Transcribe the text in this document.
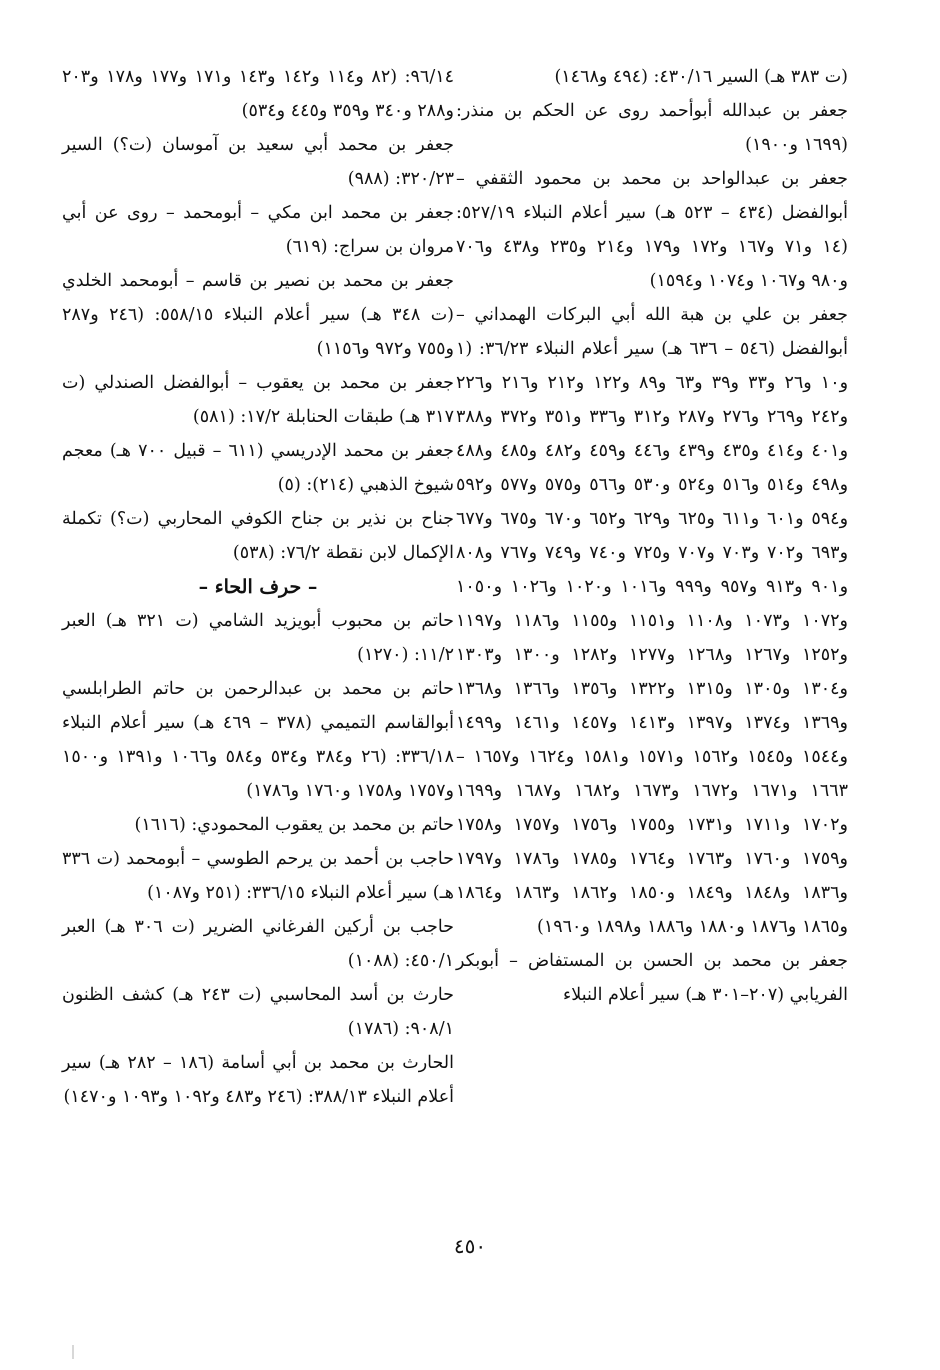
(ت ٣٨٣ هـ) السير ٤٣٠/١٦: (٤٩٤ و١٤٦٨)

جعفر بن عبدالله أبوأحمد روى عن الحكم بن منذر: (١٦٩٩ و١٩٠٠)

جعفر بن عبدالواحد بن محمد بن محمود الثقفي – أبوالفضل (٤٣٤ – ٥٢٣ هـ) سير أعلام النبلاء ٥٢٧/١٩: (١٤ و٧١ و١٦٧ و١٧٢ و١٧٩ و٢١٤ و٢٣٥ و٤٣٨ و٧٠٦ و٩٨٠ و١٠٦٧ و١٠٧٤ و١٥٩٤)

جعفر بن علي بن هبة الله أبي البركات الهمداني – أبوالفضل (٥٤٦ – ٦٣٦ هـ) سير أعلام النبلاء ٣٦/٢٣: (١ و١٠ و٢٦ و٣٣ و٣٩ و٦٣ و٨٩ و١٢٢ و٢١٢ و٢١٦ و٢٢٦ و٢٤٢ و٢٦٩ و٢٧٦ و٢٨٧ و٣١٢ و٣٣٦ و٣٥١ و٣٧٢ و٣٨٨ و٤٠١ و٤١٤ و٤٣٥ و٤٣٩ و٤٤٦ و٤٥٩ و٤٨٢ و٤٨٥ و٤٨٨ و٤٩٨ و٥١٤ و٥١٦ و٥٢٤ و٥٣٠ و٥٦٦ و٥٧٥ و٥٧٧ و٥٩٢ و٥٩٤ و٦٠١ و٦١١ و٦٢٥ و٦٢٩ و٦٥٢ و٦٧٠ و٦٧٥ و٦٧٧ و٦٩٣ و٧٠٢ و٧٠٣ و٧٠٧ و٧٢٥ و٧٤٠ و٧٤٩ و٧٦٧ و٨٠٨ و٩٠١ و٩١٣ و٩٥٧ و٩٩٩ و١٠١٦ و١٠٢٠ و١٠٢٦ و١٠٥٠ و١٠٧٢ و١٠٧٣ و١١٠٨ و١١٥١ و١١٥٥ و١١٨٦ و١١٩٧ و١٢٥٢ و١٢٦٧ و١٢٦٨ و١٢٧٧ و١٢٨٢ و١٣٠٠ و١٣٠٣ و١٣٠٤ و١٣٠٥ و١٣١٥ و١٣٢٢ و١٣٥٦ و١٣٦٦ و١٣٦٨ و١٣٦٩ و١٣٧٤ و١٣٩٧ و١٤١٣ و١٤٥٧ و١٤٦١ و١٤٩٩ و١٥٤٤ و١٥٤٥ و١٥٦٢ و١٥٧١ و١٥٨١ و١٦٢٤ و١٦٥٧ – ١٦٦٣ و١٦٧١ و١٦٧٢ و١٦٧٣ و١٦٨٢ و١٦٨٧ و١٦٩٩ و١٧٠٢ و١٧١١ و١٧٣١ و١٧٥٥ و١٧٥٦ و١٧٥٧ و١٧٥٨ و١٧٥٩ و١٧٦٠ و١٧٦٣ و١٧٦٤ و١٧٨٥ و١٧٨٦ و١٧٩٧ و١٨٣٦ و١٨٤٨ و١٨٤٩ و١٨٥٠ و١٨٦٢ و١٨٦٣ و١٨٦٤ و١٨٦٥ و١٨٧٦ و١٨٨٠ و١٨٨٦ و١٨٩٨ و١٩٦٠)

جعفر بن محمد بن الحسن بن المستفاض – أبوبكر الفريابي (٢٠٧–٣٠١ هـ) سير أعلام النبلاء

٩٦/١٤: (٨٢ و١١٤ و١٤٢ و١٤٣ و١٧١ و١٧٧ و١٧٨ و٢٠٣ و٢٨٨ و٣٤٠ و٣٥٩ و٤٤٥ و٥٣٤)

جعفر بن محمد أبي سعيد بن آموسان (ت؟) السير ٣٢٠/٢٣: (٩٨٨)

جعفر بن محمد ابن مكي – أبومحمد – روى عن أبي مروان بن سراج: (٦١٩)

جعفر بن محمد بن نصير بن قاسم – أبومحمد الخلدي (ت ٣٤٨ هـ) سير أعلام النبلاء ٥٥٨/١٥: (٢٤٦ و٢٨٧ و٧٥٥ و٩٧٢ و١١٥٦)

جعفر بن محمد بن يعقوب – أبوالفضل الصندلي (ت ٣١٧ هـ) طبقات الحنابلة ١٧/٢: (٥٨١)

جعفر بن محمد الإدريسي (٦١١ – قبيل ٧٠٠ هـ) معجم شيوخ الذهبي (٢١٤): (٥)

جناح بن نذير بن جناح الكوفي المحاربي (ت؟) تكملة الإكمال لابن نقطة ٧٦/٢: (٥٣٨)

– حرف الحاء –

حاتم بن محبوب أبويزيد الشامي (ت ٣٢١ هـ) العبر ١١/٢: (١٢٧٠)

حاتم بن محمد بن عبدالرحمن بن حاتم الطرابلسي أبوالقاسم التميمي (٣٧٨ – ٤٦٩ هـ) سير أعلام النبلاء ٣٣٦/١٨: (٢٦ و٣٨٤ و٥٣٤ و٥٨٤ و١٠٦٦ و١٣٩١ و١٥٠٠ و١٧٥٧ و١٧٥٨ و١٧٦٠ و١٧٨٦)

حاتم بن محمد بن يعقوب المحمودي: (١٦١٦)

حاجب بن أحمد بن يرحم الطوسي – أبومحمد (ت ٣٣٦ هـ) سير أعلام النبلاء ٣٣٦/١٥: (٢٥١ و١٠٨٧)

حاجب بن أركين الفرغاني الضرير (ت ٣٠٦ هـ) العبر ٤٥٠/١: (١٠٨٨)

حارث بن أسد المحاسبي (ت ٢٤٣ هـ) كشف الظنون ٩٠٨/١: (١٧٨٦)

الحارث بن محمد بن أبي أسامة (١٨٦ – ٢٨٢ هـ) سير أعلام النبلاء ٣٨٨/١٣: (٢٤٦ و٤٨٣ و١٠٩٢ و١٠٩٣ و١٤٧٠)

٤٥٠
